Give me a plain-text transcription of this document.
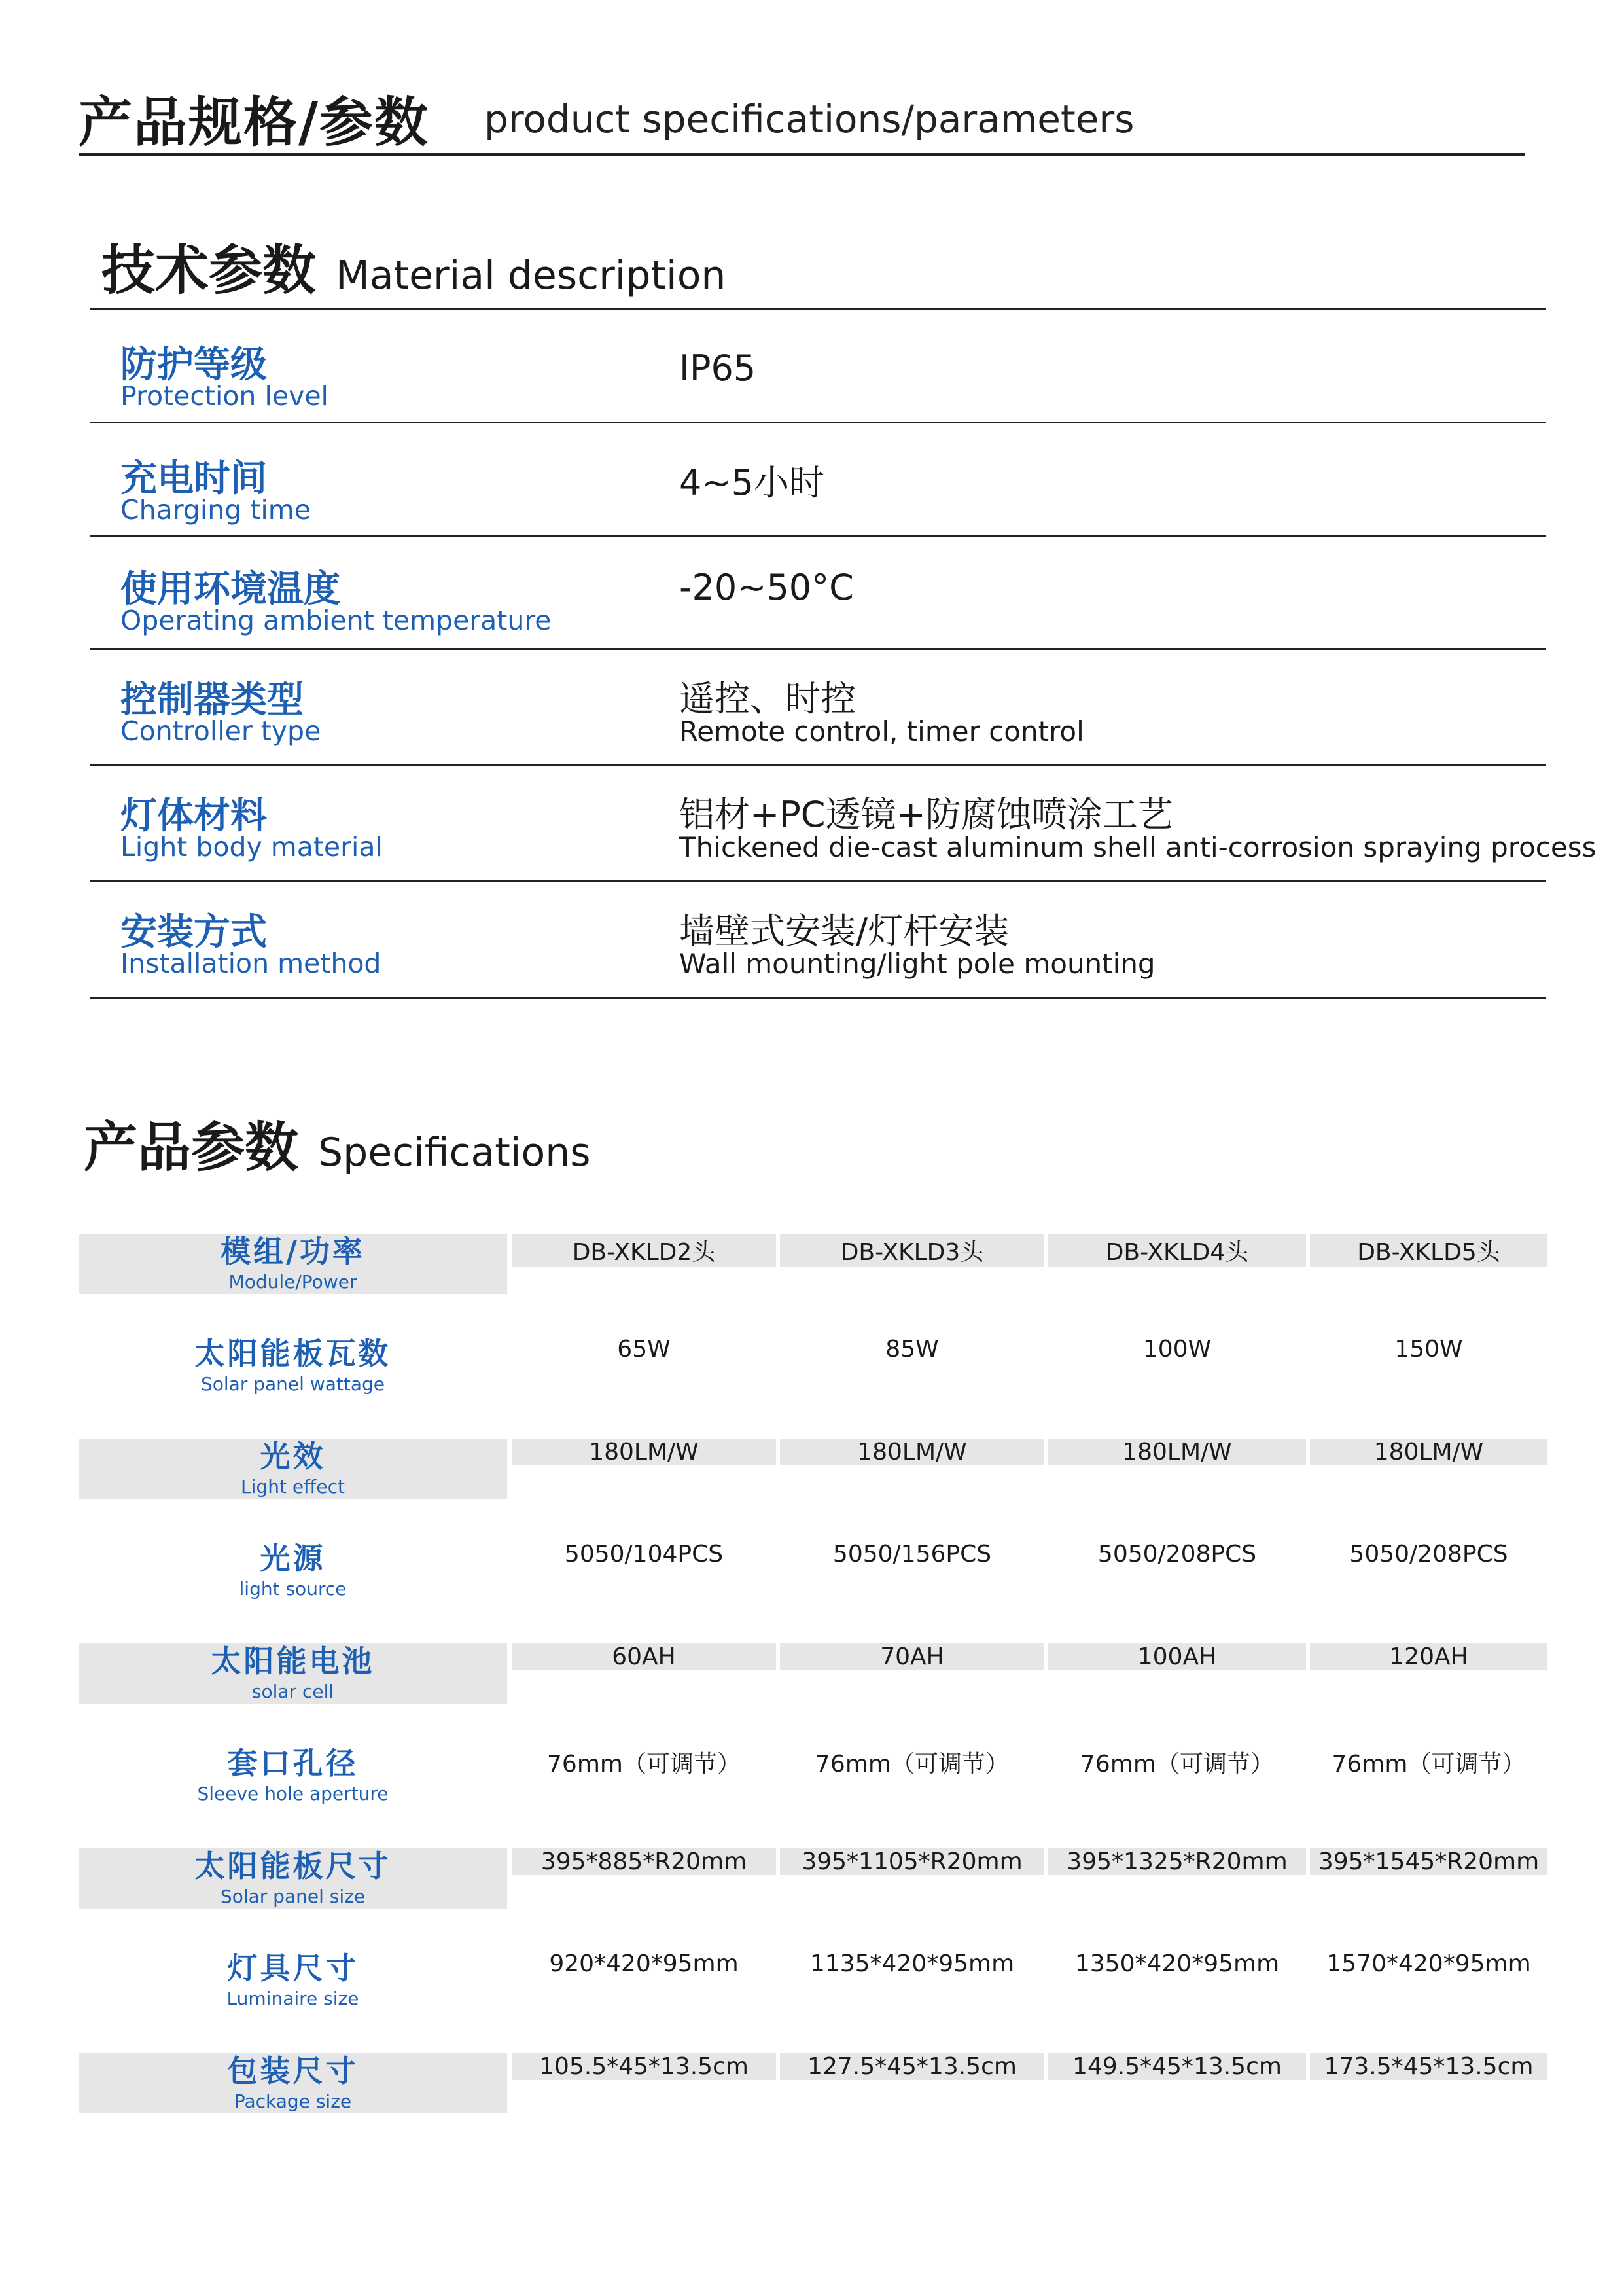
产品规格/参数 product specifications/parameters
技术参数 Material description
防护等级
Protection level
IP65
充电时间
Charging time
4~5小时
使用环境温度
Operating ambient temperature
-20~50°C
控制器类型
Controller type
遥控、时控
Remote control, timer control
灯体材料
Light body material
铝材+PC透镜+防腐蚀喷涂工艺
Thickened die-cast aluminum shell anti-corrosion spraying process
安装方式
Installation method
墙壁式安装/灯杆安装
Wall mounting/light pole mounting
产品参数 Specifications
模组/功率
Module/Power
DB-XKLD2头	DB-XKLD3头	DB-XKLD4头	DB-XKLD5头
太阳能板瓦数
Solar panel wattage
65W	85W	100W	150W
光效
Light effect
180LM/W	180LM/W	180LM/W	180LM/W
光源
light source
5050/104PCS	5050/156PCS	5050/208PCS	5050/208PCS
太阳能电池
solar cell
60AH	70AH	100AH	120AH
套口孔径
Sleeve hole aperture
76mm（可调节）	76mm（可调节）	76mm（可调节） 76mm（可调节）
太阳能板尺寸
Solar panel size
395*885*R20mm 395*1105*R20mm 395*1325*R20mm 395*1545*R20mm
灯具尺寸
Luminaire size
920*420*95mm	1135*420*95mm	1350*420*95mm 1570*420*95mm
包装尺寸
Package size
105.5*45*13.5cm	127.5*45*13.5cm 149.5*45*13.5cm 173.5*45*13.5cm
